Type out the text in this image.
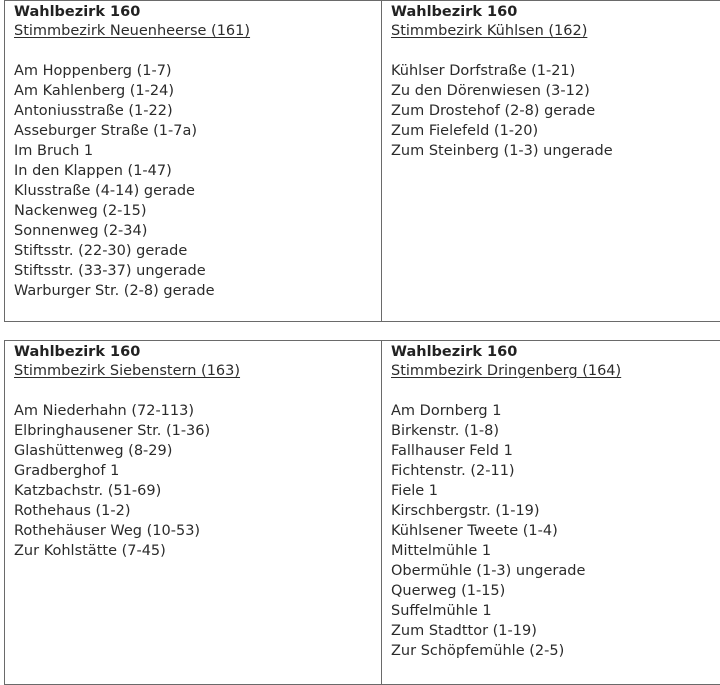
Wahlbezirk 160
Stimmbezirk Neuenheerse (161)
Am Hoppenberg (1-7)
Am Kahlenberg (1-24)
Antoniusstraße (1-22)
Asseburger Straße (1-7a)
Im Bruch 1
In den Klappen (1-47)
Klusstraße (4-14) gerade
Nackenweg (2-15)
Sonnenweg (2-34)
Stiftsstr. (22-30) gerade
Stiftsstr. (33-37) ungerade
Warburger Str. (2-8) gerade
Wahlbezirk 160
Stimmbezirk Kühlsen (162)
Kühlser Dorfstraße (1-21)
Zu den Dörenwiesen (3-12)
Zum Drostehof (2-8) gerade
Zum Fielefeld (1-20)
Zum Steinberg (1-3) ungerade
Wahlbezirk 160
Stimmbezirk Siebenstern (163)
Am Niederhahn (72-113)
Elbringhausener Str. (1-36)
Glashüttenweg (8-29)
Gradberghof 1
Katzbachstr. (51-69)
Rothehaus (1-2)
Rothehäuser Weg (10-53)
Zur Kohlstätte (7-45)
Wahlbezirk 160
Stimmbezirk Dringenberg (164)
Am Dornberg 1
Birkenstr. (1-8)
Fallhauser Feld 1
Fichtenstr. (2-11)
Fiele 1
Kirschbergstr. (1-19)
Kühlsener Tweete (1-4)
Mittelmühle 1
Obermühle (1-3) ungerade
Querweg (1-15)
Suffelmühle 1
Zum Stadttor (1-19)
Zur Schöpfemühle (2-5)
